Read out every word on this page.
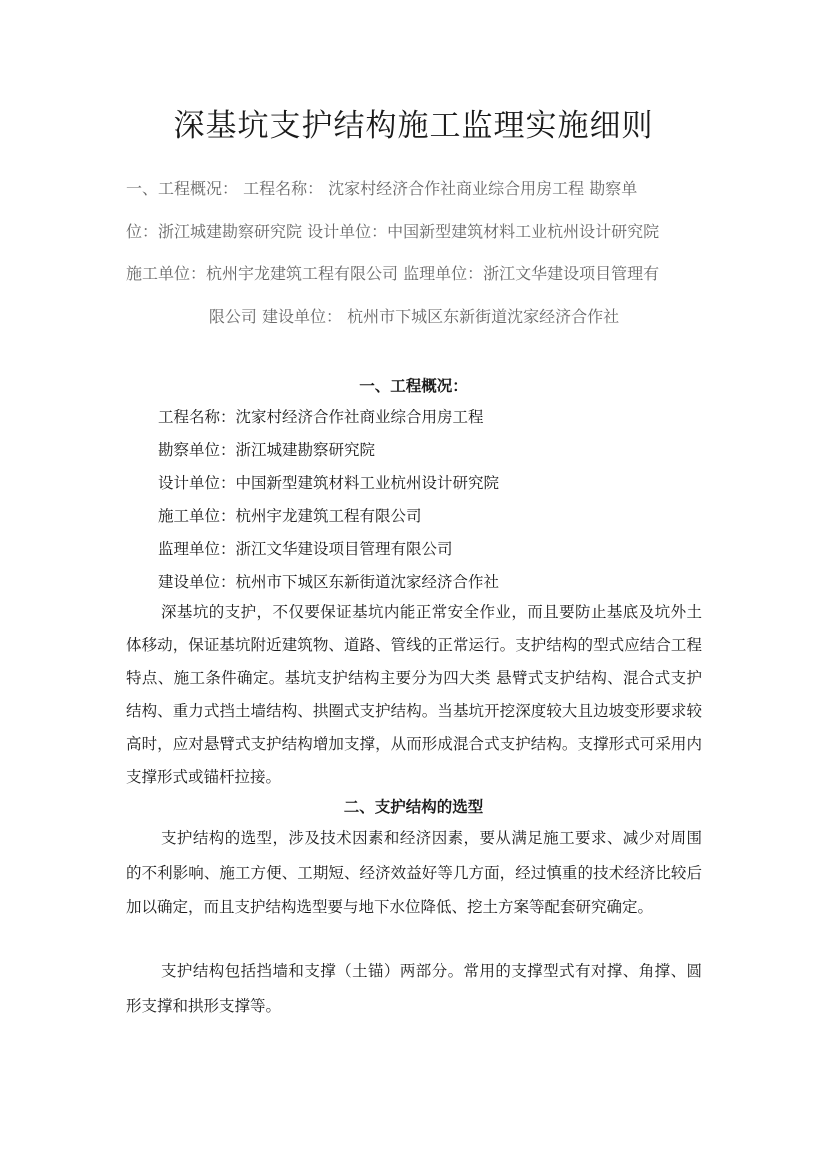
深基坑支护结构施工监理实施细则
一、工程概况： 工程名称： 沈家村经济合作社商业综合用房工程 勘察单
位：浙江城建勘察研究院 设计单位：中国新型建筑材料工业杭州设计研究院
施工单位：杭州宇龙建筑工程有限公司 监理单位：浙江文华建设项目管理有
限公司 建设单位： 杭州市下城区东新街道沈家经济合作社
一、工程概况：
工程名称：沈家村经济合作社商业综合用房工程
勘察单位：浙江城建勘察研究院
设计单位：中国新型建筑材料工业杭州设计研究院
施工单位：杭州宇龙建筑工程有限公司
监理单位：浙江文华建设项目管理有限公司
建设单位：杭州市下城区东新街道沈家经济合作社

深基坑的支护，不仅要保证基坑内能正常安全作业，而且要防止基底及坑外土体移动，保证基坑附近建筑物、道路、管线的正常运行。支护结构的型式应结合工程特点、施工条件确定。基坑支护结构主要分为四大类 悬臂式支护结构、混合式支护结构、重力式挡土墙结构、拱圈式支护结构。当基坑开挖深度较大且边坡变形要求较高时，应对悬臂式支护结构增加支撑，从而形成混合式支护结构。支撑形式可采用内支撑形式或锚杆拉接。

二、支护结构的选型

支护结构的选型，涉及技术因素和经济因素，要从满足施工要求、减少对周围的不利影响、施工方便、工期短、经济效益好等几方面，经过慎重的技术经济比较后加以确定，而且支护结构选型要与地下水位降低、挖土方案等配套研究确定。

支护结构包括挡墙和支撑（土锚）两部分。常用的支撑型式有对撑、角撑、圆形支撑和拱形支撑等。
